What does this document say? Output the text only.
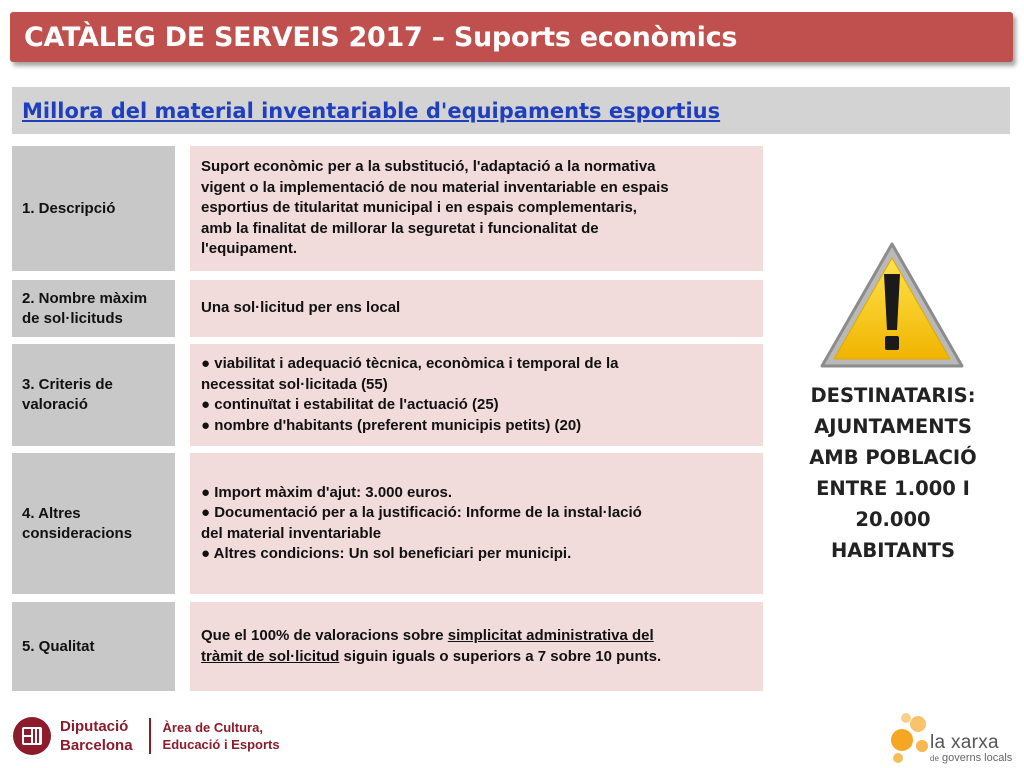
CATÀLEG DE SERVEIS 2017 – Suports econòmics
Millora del material inventariable d'equipaments esportius
1. Descripció
Suport econòmic per a la substitució, l'adaptació a la normativa
vigent o la implementació de nou material inventariable en espais
esportius de titularitat municipal i en espais complementaris,
amb la finalitat de millorar la seguretat i funcionalitat de
l'equipament.
2. Nombre màxim de sol·licituds
Una sol·licitud per ens local
3. Criteris de valoració
● viabilitat i adequació tècnica, econòmica i temporal de la
necessitat sol·licitada (55)
● continuïtat i estabilitat de l'actuació (25)
● nombre d'habitants (preferent municipis petits) (20)
4. Altres consideracions
● Import màxim d'ajut: 3.000 euros.
● Documentació per a la justificació: Informe de la instal·lació
del material inventariable
● Altres condicions: Un sol beneficiari per municipi.
5. Qualitat
Que el 100% de valoracions sobre simplicitat administrativa del
tràmit de sol·licitud siguin iguals o superiors a 7 sobre 10 punts.
DESTINATARIS:
AJUNTAMENTS
AMB POBLACIÓ
ENTRE 1.000 I
20.000
HABITANTS
Diputació
Barcelona
Àrea de Cultura,
Educació i Esports	la xarxa
de governs locals
